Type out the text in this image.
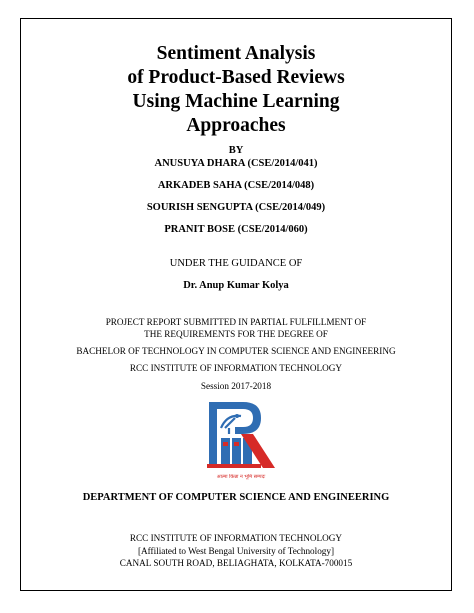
Sentiment Analysis
of Product-Based Reviews
Using Machine Learning
Approaches
BY
ANUSUYA DHARA (CSE/2014/041)
ARKADEB SAHA (CSE/2014/048)
SOURISH SENGUPTA (CSE/2014/049)
PRANIT BOSE (CSE/2014/060)
UNDER THE GUIDANCE OF
Dr. Anup Kumar Kolya
PROJECT REPORT SUBMITTED IN PARTIAL FULFILLMENT OF
THE REQUIREMENTS FOR THE DEGREE OF
BACHELOR OF TECHNOLOGY IN COMPUTER SCIENCE AND ENGINEERING
RCC INSTITUTE OF INFORMATION TECHNOLOGY
Session 2017-2018
आत्मा किन्ना न भूमि सम्पदः
DEPARTMENT OF COMPUTER SCIENCE AND ENGINEERING
RCC INSTITUTE OF INFORMATION TECHNOLOGY
[Affiliated to West Bengal University of Technology]
CANAL SOUTH ROAD, BELIAGHATA, KOLKATA-700015
